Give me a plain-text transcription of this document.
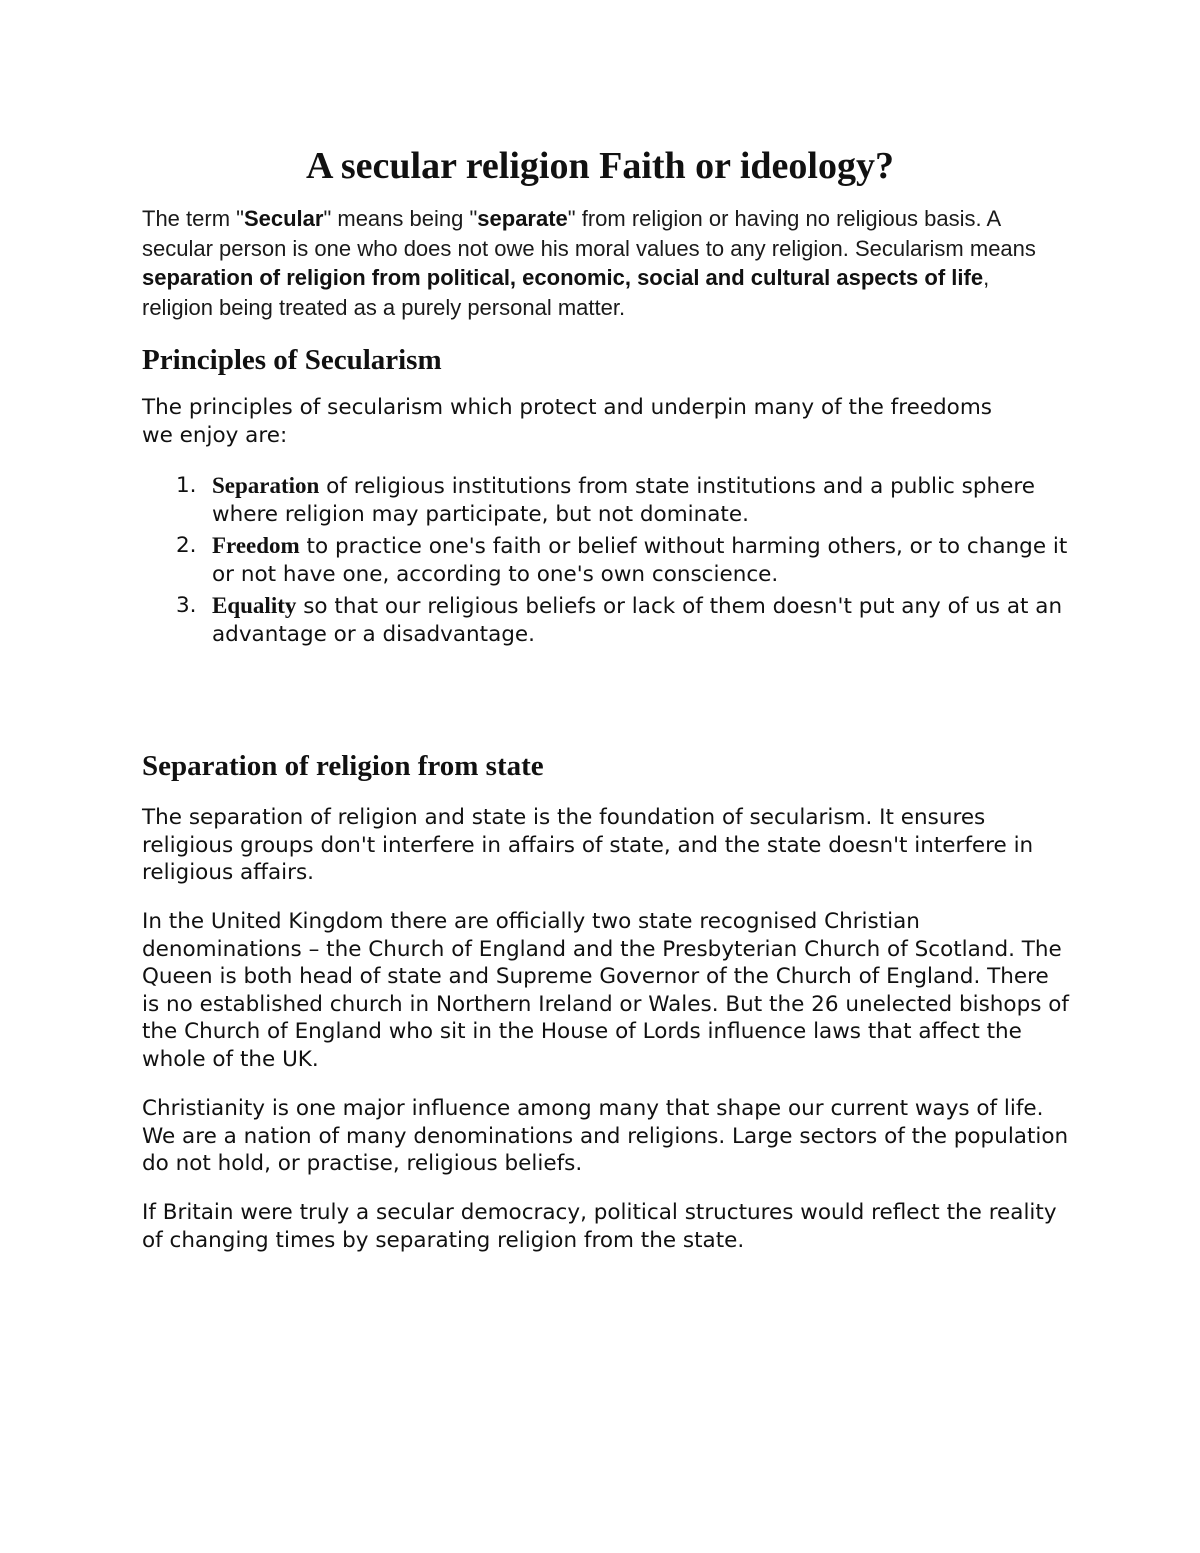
A secular religion Faith or ideology?

The term "Secular" means being "separate" from religion or having no religious basis. A secular person is one who does not owe his moral values to any religion. Secularism means separation of religion from political, economic, social and cultural aspects of life, religion being treated as a purely personal matter.

Principles of Secularism

The principles of secularism which protect and underpin many of the freedoms we enjoy are:

1. Separation of religious institutions from state institutions and a public sphere where religion may participate, but not dominate.
2. Freedom to practice one's faith or belief without harming others, or to change it or not have one, according to one's own conscience.
3. Equality so that our religious beliefs or lack of them doesn't put any of us at an advantage or a disadvantage.
Separation of religion from state

The separation of religion and state is the foundation of secularism. It ensures religious groups don't interfere in affairs of state, and the state doesn't interfere in religious affairs.

In the United Kingdom there are officially two state recognised Christian denominations – the Church of England and the Presbyterian Church of Scotland. The Queen is both head of state and Supreme Governor of the Church of England. There is no established church in Northern Ireland or Wales. But the 26 unelected bishops of the Church of England who sit in the House of Lords influence laws that affect the whole of the UK.

Christianity is one major influence among many that shape our current ways of life. We are a nation of many denominations and religions. Large sectors of the population do not hold, or practise, religious beliefs.

If Britain were truly a secular democracy, political structures would reflect the reality of changing times by separating religion from the state.
